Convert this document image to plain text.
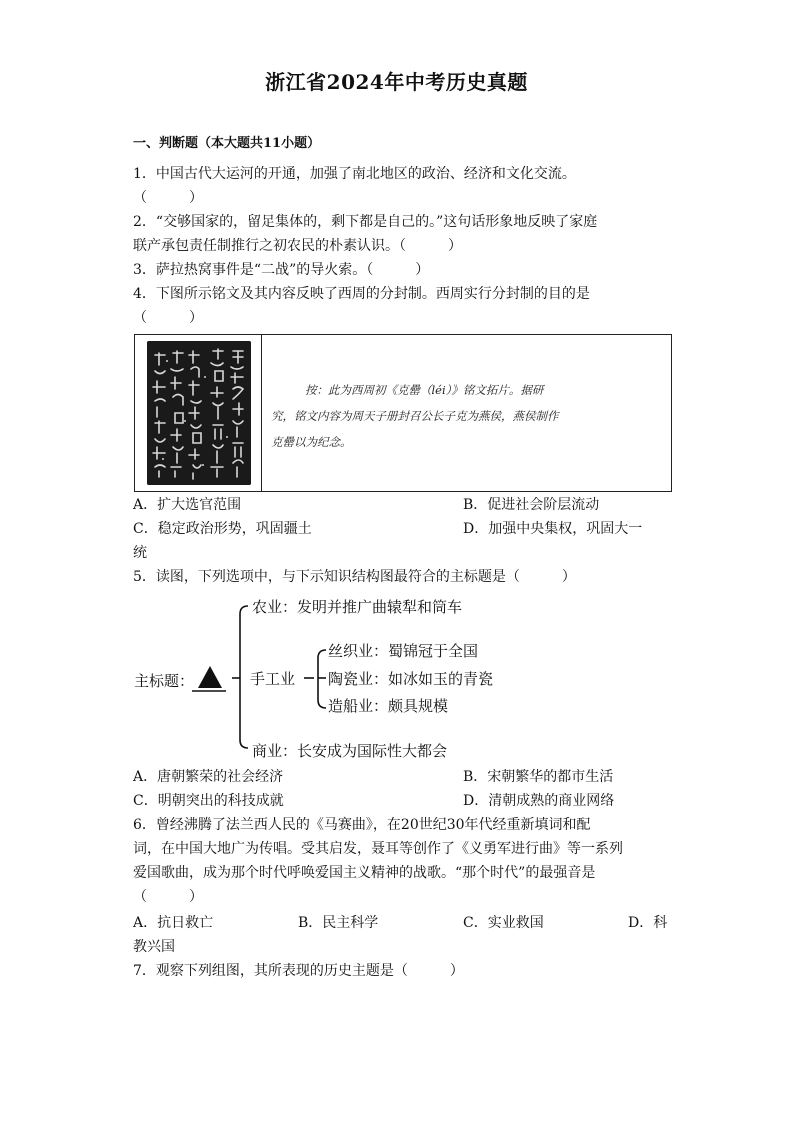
浙江省2024年中考历史真题
一、判断题（本大题共11小题）
1．中国古代大运河的开通，加强了南北地区的政治、经济和文化交流。
（　　　）
2．“交够国家的，留足集体的，剩下都是自己的。”这句话形象地反映了家庭
联产承包责任制推行之初农民的朴素认识。（　　　）
3．萨拉热窝事件是“二战”的导火索。（　　　）
4．下图所示铭文及其内容反映了西周的分封制。西周实行分封制的目的是
（　　　）
按：此为西周初《克罍（léi）》铭文拓片。据研
究，铭文内容为周天子册封召公长子克为燕侯，燕侯制作
克罍以为纪念。
A．扩大选官范围	B．促进社会阶层流动
C．稳定政治形势，巩固疆土	D．加强中央集权，巩固大一
统
5．读图，下列选项中，与下示知识结构图最符合的主标题是（　　　）
主标题：
农业：发明并推广曲辕犁和筒车
手工业
丝织业：蜀锦冠于全国
陶瓷业：如冰如玉的青瓷
造船业：颇具规模
商业：长安成为国际性大都会
A．唐朝繁荣的社会经济	B．宋朝繁华的都市生活
C．明朝突出的科技成就	D．清朝成熟的商业网络
6．曾经沸腾了法兰西人民的《马赛曲》，在20世纪30年代经重新填词和配
词，在中国大地广为传唱。受其启发，聂耳等创作了《义勇军进行曲》等一系列
爱国歌曲，成为那个时代呼唤爱国主义精神的战歌。“那个时代”的最强音是
（　　　）
A．抗日救亡	B．民主科学	C．实业救国	D．科
教兴国
7．观察下列组图，其所表现的历史主题是（　　　）
